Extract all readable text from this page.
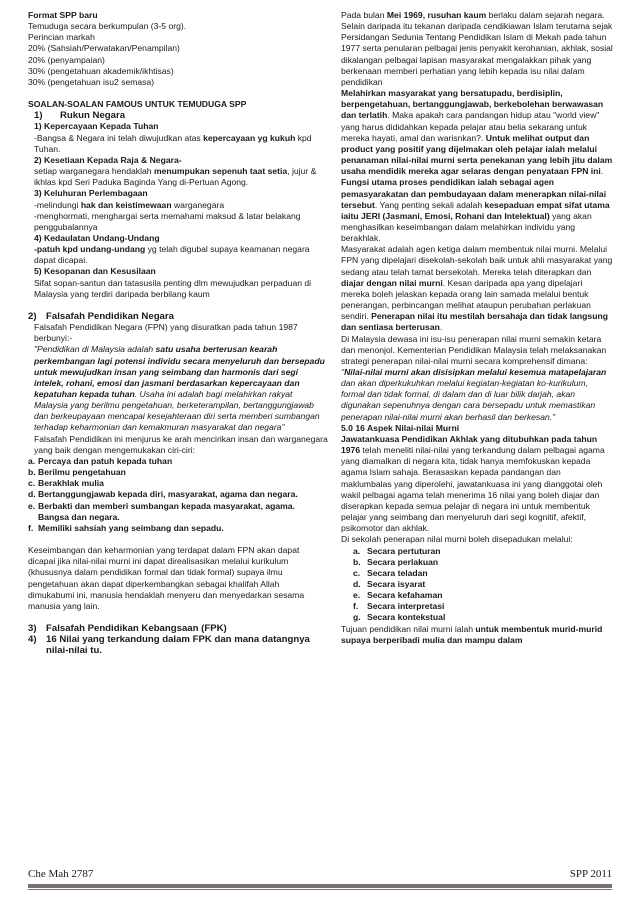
Format SPP baru

Temuduga secara berkumpulan (3-5 org).

Perincian markah

20% (Sahsiah/Perwatakan/Penampilan)

20% (penyampaian)

30% (pengetahuan akademik/ikhtisas)

30% (pengetahuan isu2 semasa)

SOALAN-SOALAN FAMOUS UNTUK TEMUDUGA SPP

1)	Rukun Negara

1) Kepercayaan Kepada Tuhan

-Bangsa & Negara ini telah diwujudkan atas kepercayaan yg kukuh kpd Tuhan.

2) Kesetiaan Kepada Raja & Negara-

setiap warganegara hendaklah menumpukan sepenuh taat setia, jujur & ikhlas kpd Seri Paduka Baginda Yang di-Pertuan Agong.

3) Keluhuran Perlembagaan

-melindungi hak dan keistimewaan warganegara

-menghormati, menghargai serta memahami maksud & latar belakang penggubalannya

4) Kedaulatan Undang-Undang

-patuh kpd undang-undang yg telah digubal supaya keamanan negara dapat dicapai.

5) Kesopanan dan Kesusilaan

Sifat sopan-santun dan tatasusila penting dlm mewujudkan perpaduan di Malaysia yang terdiri daripada berbilang kaum

2) Falsafah Pendidikan Negara

Falsafah Pendidikan Negara (FPN) yang disuratkan pada tahun 1987 berbunyi:-

"Pendidikan di Malaysia adalah satu usaha berterusan kearah perkembangan lagi potensi individu secara menyeluruh dan bersepadu untuk mewujudkan insan yang seimbang dan harmonis dari segi intelek, rohani, emosi dan jasmani berdasarkan kepercayaan dan kepatuhan kepada tuhan. Usaha ini adalah bagi melahirkan rakyat Malaysia yang berilmu pengetahuan, berketerampilan, bertanggungjawab dan berkeupayaan mencapai kesejahteraan diri serta memberi sumbangan terhadap keharmonian dan kemakmuran masyarakat dan negara"

Falsafah Pendidikan ini menjurus ke arah mencirikan insan dan warganegara yang baik dengan mengemukakan ciri-ciri:

a. Percaya dan patuh kepada tuhan
b. Berilmu pengetahuan
c. Berakhlak mulia
d. Bertanggungjawab kepada diri, masyarakat, agama dan negara.
e. Berbakti dan memberi sumbangan kepada masyarakat, agama. Bangsa dan negara.
f. Memiliki sahsiah yang seimbang dan sepadu.

Keseimbangan dan keharmonian yang terdapat dalam FPN akan dapat dicapai jika nilai-nilai murni ini dapat direalisasikan melalui kurikulum (khususnya dalam pendidikan formal dan tidak formal) supaya ilmu pengetahuan akan dapat diperkembangkan sebagai khalifah Allah dimukabumi ini, manusia hendaklah menyeru dan menyedarkan sesama manusia yang lain.

3) Falsafah Pendidikan Kebangsaan (FPK)
4) 16 Nilai yang terkandung dalam FPK dan mana datangnya nilai-nilai tu.

Pada bulan Mei 1969, rusuhan kaum berlaku dalam sejarah negara. Selain daripada itu tekanan daripada cendikiawan Islam terutama sejak Persidangan Sedunia Tentang Pendidikan Islam di Mekah pada tahun 1977 serta penularan pelbagai jenis penyakit kerohanian, akhlak, sosial dikalangan pelbagai lapisan masyarakat mengalakkan pihak yang berkenaan memberi perhatian yang lebih kepada isu nilai dalam pendidikan

Melahirkan masyarakat yang bersatupadu, berdisiplin, berpengetahuan, bertanggungjawab, berkebolehan berwawasan dan terlatih. Maka apakah cara pandangan hidup atau "world view" yang harus dididahkan kepada pelajar atau belia sekarang untuk mereka hayati, amal dan warisnkan?. Untuk melihat output dan product yang positif yang dijelmakan oleh pelajar ialah melalui penanaman nilai-nilai murni serta penekanan yang lebih jitu dalam usaha mendidik mereka agar selaras dengan penyataan FPN ini.

Fungsi utama proses pendidikan ialah sebagai agen pemasyarakatan dan pembudayaan dalam menerapkan nilai-nilai tersebut. Yang penting sekali adalah kesepaduan empat sifat utama iaitu JERI (Jasmani, Emosi, Rohani dan Intelektual) yang akan menghasilkan keseimbangan dalam melahirkan individu yang berakhlak.

Masyarakat adalah agen ketiga dalam membentuk nilai murni. Melalui FPN yang dipelajari disekolah-sekolah baik untuk ahli masyarakat yang sedang atau telah tamat bersekolah. Mereka telah diterapkan dan diajar dengan nilai murni. Kesan daripada apa yang dipelajari mereka boleh jelaskan kepada orang lain samada melalui bentuk penerangan, perbincangan melihat ataupun perubahan perlakuan sendiri. Penerapan nilai itu mestilah bersahaja dan tidak langsung dan sentiasa berterusan.

Di Malaysia dewasa ini isu-isu penerapan nilai murni semakin ketara dan menonjol. Kementerian Pendidikan Malaysia telah melaksanakan strategi penerapan nilai-nilai murni secara komprehensif dimana:

"Nilai-nilai murni akan disisipkan melalui kesemua matapelajaran dan akan diperkukuhkan melalui kegiatan-kegiatan ko-kurikulum, formal dan tidak formal, di dalam dan di luar bilik darjah, akan digunakan sepenuhnya dengan cara bersepadu untuk memastikan penerapan nilai-nilai murni akan berhasil dan berkesan."

5.0 16 Aspek Nilai-nilai Murni

Jawatankuasa Pendidikan Akhlak yang ditubuhkan pada tahun 1976 telah meneliti nilai-nilai yang terkandung dalam pelbagai agama yang diamalkan di negara kita, tidak hanya memfokuskan kepada agama Islam sahaja. Berasaskan kepada pandangan dan maklumbalas yang diperolehi, jawatankuasa ini yang dianggotai oleh wakil pelbagai agama telah menerima 16 nilai yang boleh diajar dan diserapkan kepada semua pelajar di negara ini untuk membentuk pelajar yang seimbang dan menyeluruh dari segi kognitif, afektif, psikomotor dan akhlak.

Di sekolah penerapan nilai murni boleh disepadukan melalui:

a. Secara pertuturan
b. Secara perlakuan
c. Secara teladan
d. Secara isyarat
e. Secara kefahaman
f.	Secara interpretasi
g. Secara kontekstual

Tujuan pendidikan nilai murni ialah untuk membentuk murid-murid supaya berperibadi mulia dan mampu dalam

Che Mah 2787	SPP 2011
